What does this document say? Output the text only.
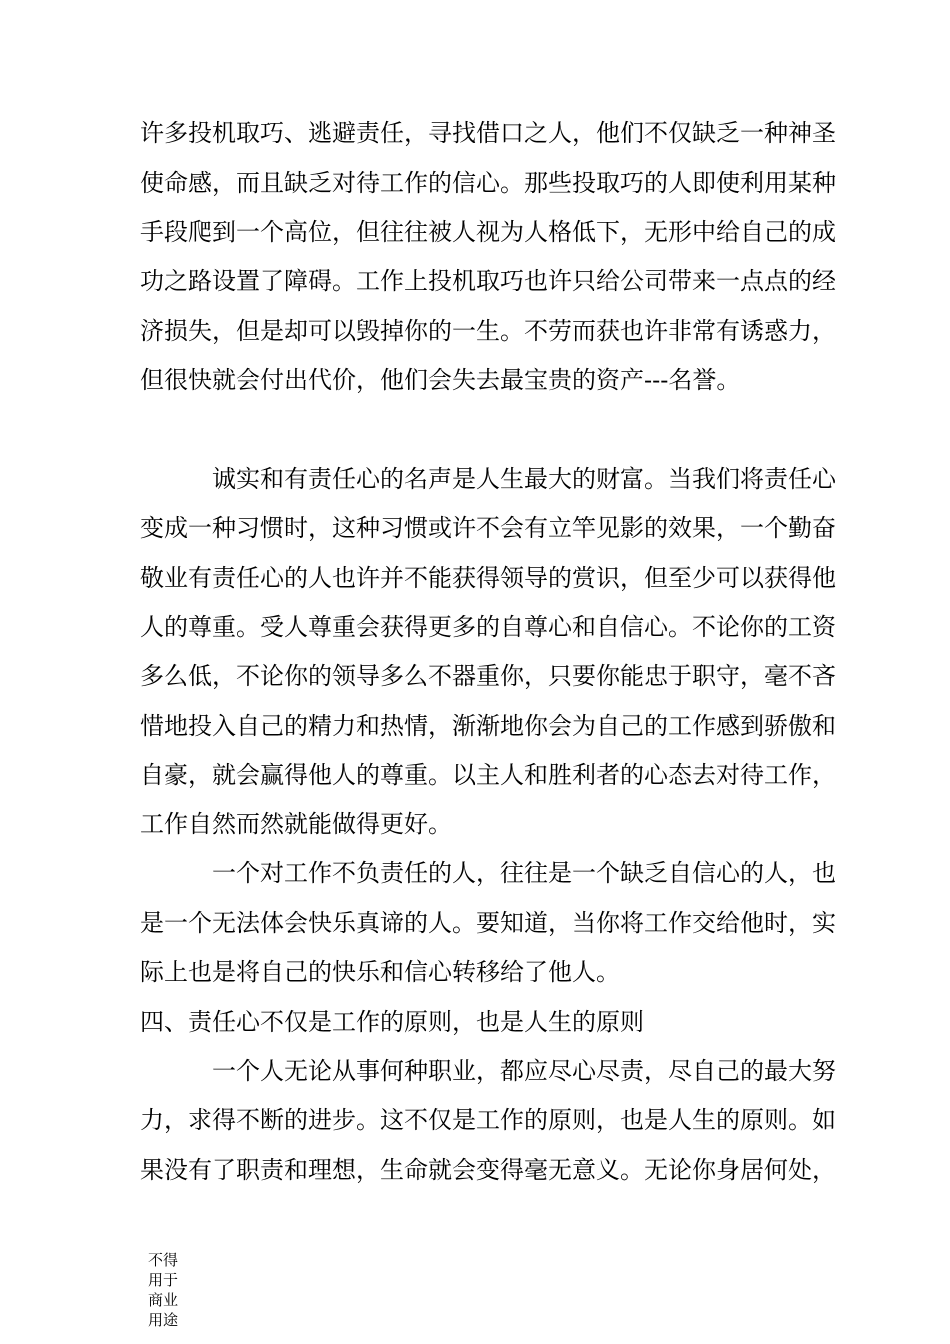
许多投机取巧、逃避责任，寻找借口之人，他们不仅缺乏一种神圣
使命感，而且缺乏对待工作的信心。那些投取巧的人即使利用某种
手段爬到一个高位，但往往被人视为人格低下，无形中给自己的成
功之路设置了障碍。工作上投机取巧也许只给公司带来一点点的经
济损失，但是却可以毁掉你的一生。不劳而获也许非常有诱惑力，
但很快就会付出代价，他们会失去最宝贵的资产---名誉。
诚实和有责任心的名声是人生最大的财富。当我们将责任心
变成一种习惯时，这种习惯或许不会有立竿见影的效果，一个勤奋
敬业有责任心的人也许并不能获得领导的赏识，但至少可以获得他
人的尊重。受人尊重会获得更多的自尊心和自信心。不论你的工资
多么低，不论你的领导多么不器重你，只要你能忠于职守，毫不吝
惜地投入自己的精力和热情，渐渐地你会为自己的工作感到骄傲和
自豪，就会赢得他人的尊重。以主人和胜利者的心态去对待工作，
工作自然而然就能做得更好。
一个对工作不负责任的人，往往是一个缺乏自信心的人，也
是一个无法体会快乐真谛的人。要知道，当你将工作交给他时，实
际上也是将自己的快乐和信心转移给了他人。
四、责任心不仅是工作的原则，也是人生的原则
一个人无论从事何种职业，都应尽心尽责，尽自己的最大努
力，求得不断的进步。这不仅是工作的原则，也是人生的原则。如
果没有了职责和理想，生命就会变得毫无意义。无论你身居何处，
不得
用于
商业
用途
